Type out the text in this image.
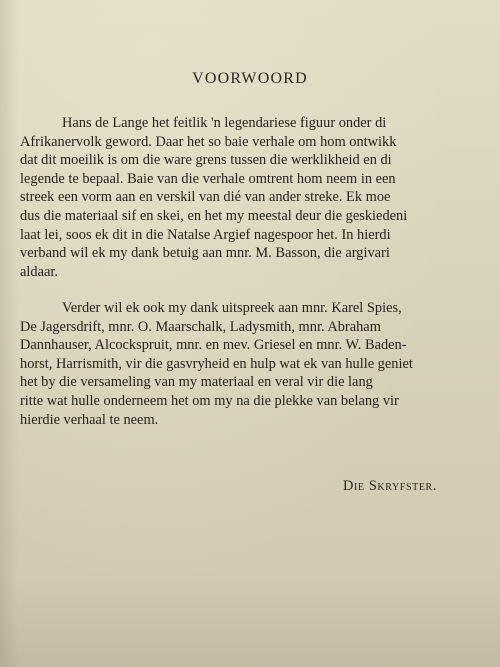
VOORWOORD
Hans de Lange het feitlik 'n legendariese figuur onder di
Afrikanervolk geword. Daar het so baie verhale om hom ontwikk
dat dit moeilik is om die ware grens tussen die werklikheid en di
legende te bepaal. Baie van die verhale omtrent hom neem in een
streek een vorm aan en verskil van dié van ander streke. Ek moe
dus die materiaal sif en skei, en het my meestal deur die geskiedeni
laat lei, soos ek dit in die Natalse Argief nagespoor het. In hierdi
verband wil ek my dank betuig aan mnr. M. Basson, die argivari
aldaar.
Verder wil ek ook my dank uitspreek aan mnr. Karel Spies,
De Jagersdrift, mnr. O. Maarschalk, Ladysmith, mnr. Abraham
Dannhauser, Alcockspruit, mnr. en mev. Griesel en mnr. W. Baden-
horst, Harrismith, vir die gasvryheid en hulp wat ek van hulle geniet
het by die versameling van my materiaal en veral vir die lang
ritte wat hulle onderneem het om my na die plekke van belang vir
hierdie verhaal te neem.
Die Skryfster.
